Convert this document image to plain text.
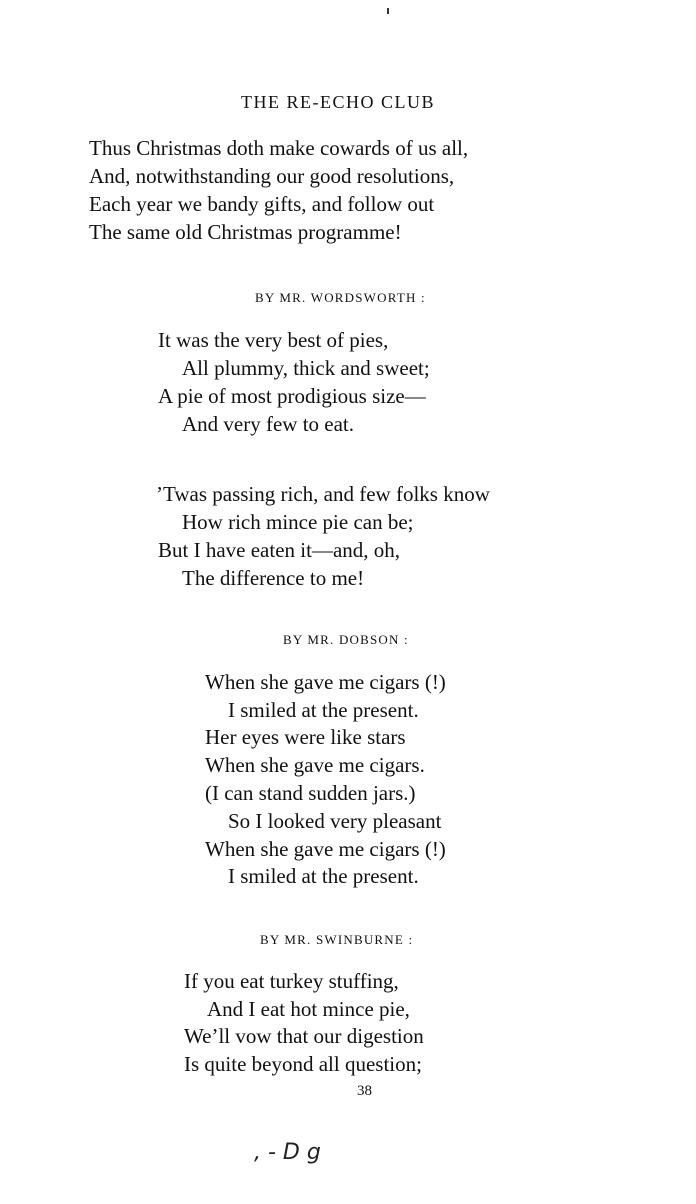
THE RE-ECHO CLUB
Thus Christmas doth make cowards of us all,
And, notwithstanding our good resolutions,
Each year we bandy gifts, and follow out
The same old Christmas programme!
BY MR. WORDSWORTH :
It was the very best of pies,
All plummy, thick and sweet;
A pie of most prodigious size—
And very few to eat.
’Twas passing rich, and few folks know
How rich mince pie can be;
But I have eaten it—and, oh,
The difference to me!
BY MR. DOBSON :
When she gave me cigars (!)
I smiled at the present.
Her eyes were like stars
When she gave me cigars.
(I can stand sudden jars.)
So I looked very pleasant
When she gave me cigars (!)
I smiled at the present.
BY MR. SWINBURNE :
If you eat turkey stuffing,
And I eat hot mince pie,
We’ll vow that our digestion
Is quite beyond all question;
38
, - D g
